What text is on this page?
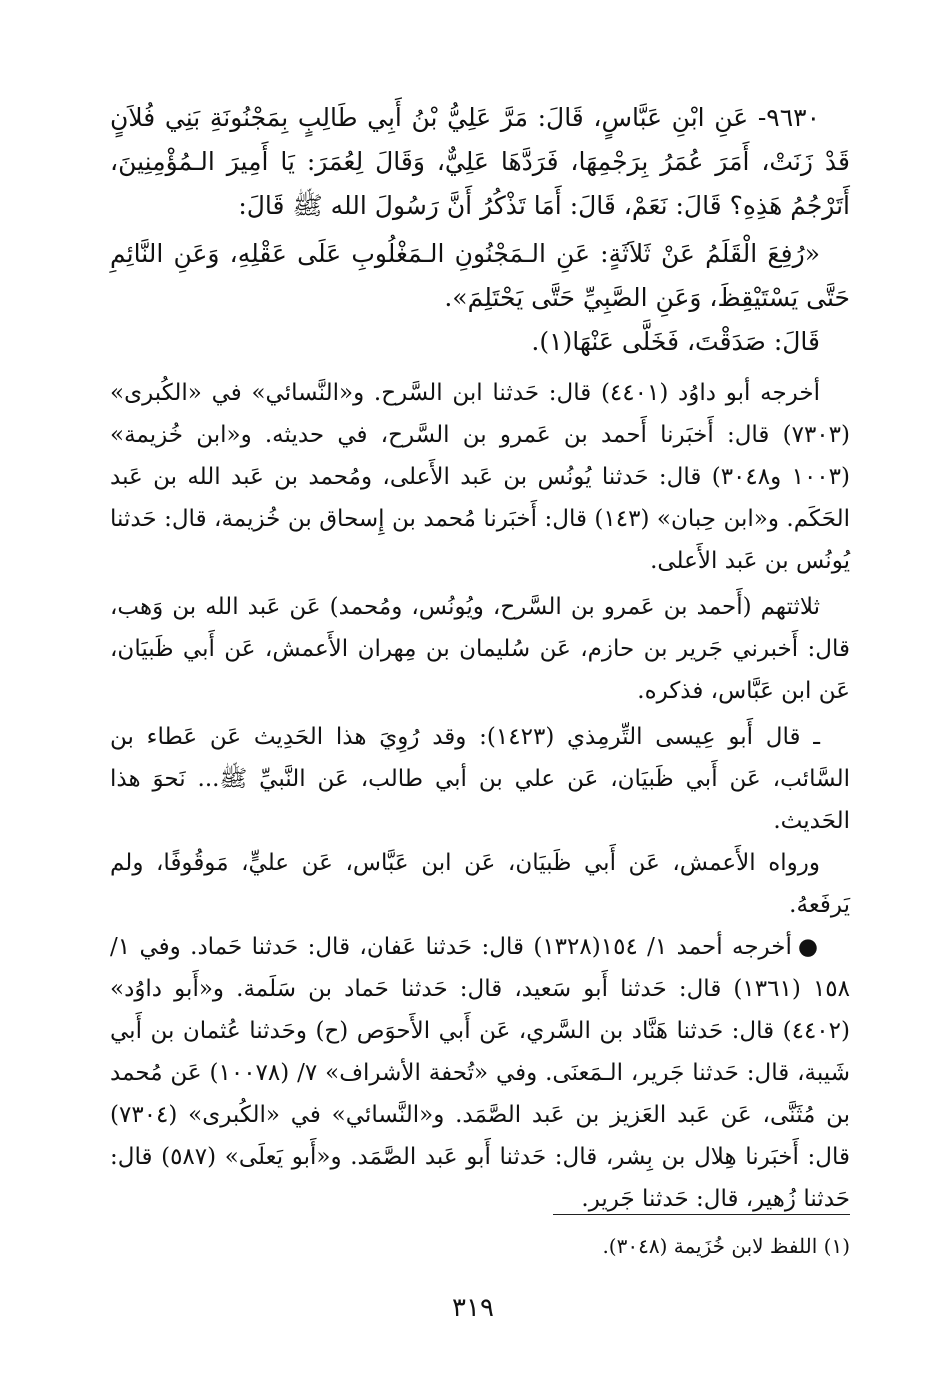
٩٦٣٠- عَنِ ابْنِ عَبَّاسٍ، قَالَ: مَرَّ عَلِيُّ بْنُ أَبِي طَالِبٍ بِمَجْنُونَةِ بَنِي فُلاَنٍ قَدْ زَنَتْ، أَمَرَ عُمَرُ بِرَجْمِهَا، فَرَدَّهَا عَلِيٌّ، وَقَالَ لِعُمَرَ: يَا أَمِيرَ الـمُؤْمِنِينَ، أَتَرْجُمُ هَذِهِ؟ قَالَ: نَعَمْ، قَالَ: أَمَا تَذْكُرُ أَنَّ رَسُولَ الله ﷺ قَالَ:

«رُفِعَ الْقَلَمُ عَنْ ثَلاَثَةٍ: عَنِ الـمَجْنُونِ الـمَغْلُوبِ عَلَى عَقْلِهِ، وَعَنِ النَّائِمِ حَتَّى يَسْتَيْقِظَ، وَعَنِ الصَّبِيِّ حَتَّى يَحْتَلِمَ».

قَالَ: صَدَقْتَ، فَخَلَّى عَنْهَا(١).

أخرجه أبو داوُد (٤٤٠١) قال: حَدثنا ابن السَّرح. و«النَّسائي» في «الكُبرى» (٧٣٠٣) قال: أَخبَرنا أَحمد بن عَمرو بن السَّرح، في حديثه. و«ابن خُزيمة» (١٠٠٣ و٣٠٤٨) قال: حَدثنا يُونُس بن عَبد الأَعلى، ومُحمد بن عَبد الله بن عَبد الحَكَم. و«ابن حِبان» (١٤٣) قال: أَخبَرنا مُحمد بن إِسحاق بن خُزيمة، قال: حَدثنا يُونُس بن عَبد الأَعلى.

ثلاثتهم (أَحمد بن عَمرو بن السَّرح، ويُونُس، ومُحمد) عَن عَبد الله بن وَهب، قال: أَخبرني جَرير بن حازم، عَن سُليمان بن مِهران الأَعمش، عَن أَبي ظَبيَان، عَن ابن عَبَّاس، فذكره.

ـ قال أَبو عِيسى التِّرمِذي (١٤٢٣): وقد رُوِيَ هذا الحَدِيث عَن عَطاء بن السَّائب، عَن أَبي ظَبيَان، عَن علي بن أبي طالب، عَن النَّبيِّ ﷺ... نَحوَ هذا الحَديث.

ورواه الأَعمش، عَن أَبي ظَبيَان، عَن ابن عَبَّاس، عَن عليٍّ، مَوقُوفًا، ولم يَرفَعهُ.

●أخرجه أحمد ١/ ١٥٤(١٣٢٨) قال: حَدثنا عَفان، قال: حَدثنا حَماد. وفي ١/ ١٥٨ (١٣٦١) قال: حَدثنا أَبو سَعيد، قال: حَدثنا حَماد بن سَلَمة. و«أَبو داوُد» (٤٤٠٢) قال: حَدثنا هَنَّاد بن السَّري، عَن أَبي الأَحوَص (ح) وحَدثنا عُثمان بن أَبي شَيبة، قال: حَدثنا جَرير، الـمَعنَى. وفي «تُحفة الأشراف» ٧/ (١٠٠٧٨) عَن مُحمد بن مُثَنَّى، عَن عَبد العَزيز بن عَبد الصَّمَد. و«النَّسائي» في «الكُبرى» (٧٣٠٤) قال: أَخبَرنا هِلال بن بِشر، قال: حَدثنا أَبو عَبد الصَّمَد. و«أَبو يَعلَى» (٥٨٧) قال: حَدثنا زُهير، قال: حَدثنا جَرير.

(١) اللفظ لابن خُزَيمة (٣٠٤٨).
٣١٩
